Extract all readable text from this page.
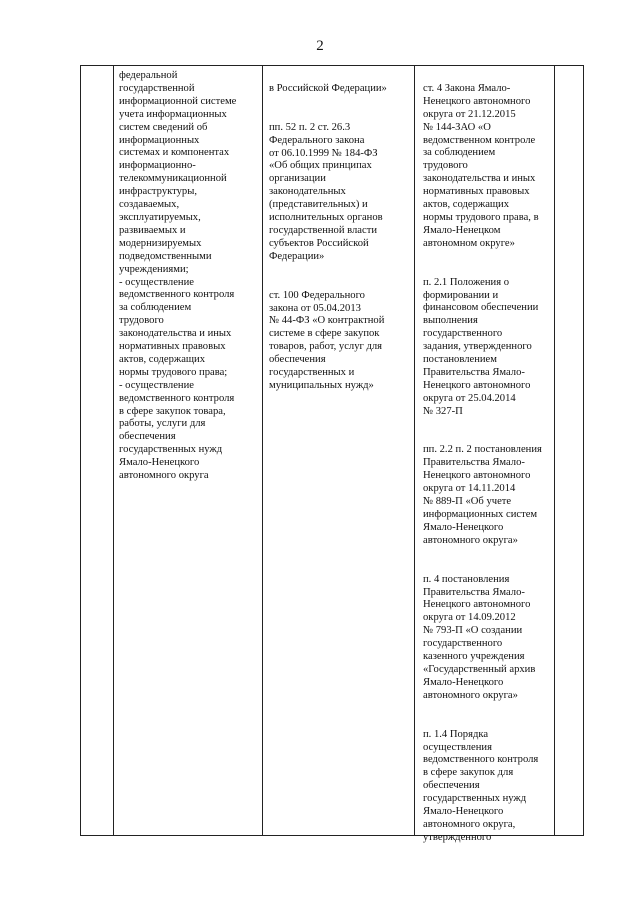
2
федеральной
государственной
информационной системе
учета информационных
систем сведений об
информационных
системах и компонентах
информационно-
телекоммуникационной
инфраструктуры,
создаваемых,
эксплуатируемых,
развиваемых и
модернизируемых
подведомственными
учреждениями;
- осуществление
ведомственного контроля
за соблюдением
трудового
законодательства и иных
нормативных правовых
актов, содержащих
нормы трудового права;
- осуществление
ведомственного контроля
в сфере закупок товара,
работы, услуги для
обеспечения
государственных нужд
Ямало-Ненецкого
автономного округа

в Российской Федерации»

пп. 52 п. 2 ст. 26.3
Федерального закона
от 06.10.1999 № 184-ФЗ
«Об общих принципах
организации
законодательных
(представительных) и
исполнительных органов
государственной власти
субъектов Российской
Федерации»

ст. 100 Федерального
закона от 05.04.2013
№ 44-ФЗ «О контрактной
системе в сфере закупок
товаров, работ, услуг для
обеспечения
государственных и
муниципальных нужд»

ст. 4 Закона Ямало-
Ненецкого автономного
округа от 21.12.2015
№ 144-ЗАО «О
ведомственном контроле
за соблюдением
трудового
законодательства и иных
нормативных правовых
актов, содержащих
нормы трудового права, в
Ямало-Ненецком
автономном округе»

п. 2.1 Положения о
формировании и
финансовом обеспечении
выполнения
государственного
задания, утвержденного
постановлением
Правительства Ямало-
Ненецкого автономного
округа от 25.04.2014
№ 327-П

пп. 2.2 п. 2 постановления
Правительства Ямало-
Ненецкого автономного
округа от 14.11.2014
№ 889-П «Об учете
информационных систем
Ямало-Ненецкого
автономного округа»

п. 4 постановления
Правительства Ямало-
Ненецкого автономного
округа от 14.09.2012
№ 793-П «О создании
государственного
казенного учреждения
«Государственный архив
Ямало-Ненецкого
автономного округа»

п. 1.4 Порядка
осуществления
ведомственного контроля
в сфере закупок для
обеспечения
государственных нужд
Ямало-Ненецкого
автономного округа,
утвержденного
